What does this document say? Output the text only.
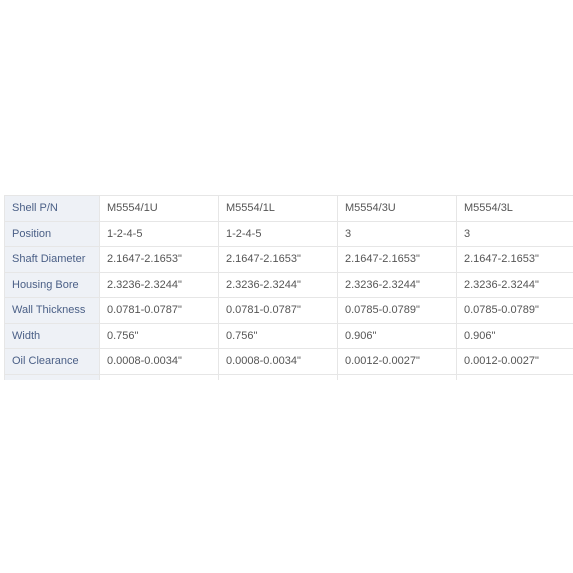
Shell P/N	M5554/1U	M5554/1L	M5554/3U	M5554/3L
Position	1-2-4-5	1-2-4-5	3	3
Shaft Diameter	2.1647-2.1653"	2.1647-2.1653"	2.1647-2.1653"	2.1647-2.1653"
Housing Bore	2.3236-2.3244"	2.3236-2.3244"	2.3236-2.3244"	2.3236-2.3244"
Wall Thickness	0.0781-0.0787"	0.0781-0.0787"	0.0785-0.0789"	0.0785-0.0789"
Width	0.756"	0.756"	0.906"	0.906"
Oil Clearance	0.0008-0.0034"	0.0008-0.0034"	0.0012-0.0027"	0.0012-0.0027"
